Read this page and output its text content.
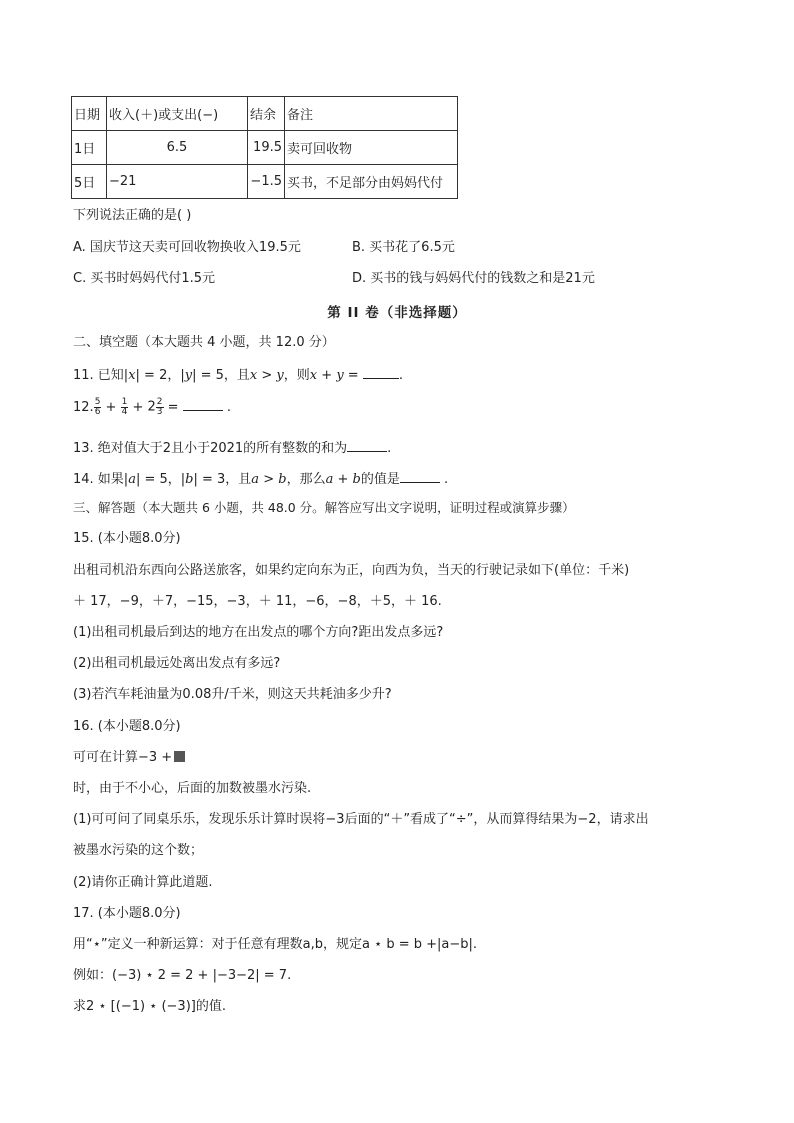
日期	收入(＋)或支出(−)	结余	备注
1日	6.5	19.5	卖可回收物
5日	−21	−1.5	买书，不足部分由妈妈代付
下列说法正确的是( )
A. 国庆节这天卖可回收物换收入19.5元	B. 买书花了6.5元
C. 买书时妈妈代付1.5元	D. 买书的钱与妈妈代付的钱数之和是21元
第 II 卷（非选择题）
二、填空题（本大题共 4 小题，共 12.0 分）
11. 已知|x| = 2，|y| = 5，且x > y，则x + y =	.
12. $\frac{5}{6} + \frac{1}{4} + 2 \frac{2}{3}$ =	.
13. 绝对值大于2且小于2021的所有整数的和为	.
14. 如果|a| = 5，|b| = 3，且a > b，那么a + b的值是	.
三、解答题（本大题共 6 小题，共 48.0 分。解答应写出文字说明，证明过程或演算步骤）
15. (本小题8.0分)
出租司机沿东西向公路送旅客，如果约定向东为正，向西为负，当天的行驶记录如下(单位：千米)
＋ 17，−9，＋7，−15，−3，＋ 11，−6，−8，＋5，＋ 16.
(1)出租司机最后到达的地方在出发点的哪个方向?距出发点多远?
(2)出租司机最远处离出发点有多远?
(3)若汽车耗油量为0.08升/千米，则这天共耗油多少升?
16. (本小题8.0分)
可可在计算−3 +
时，由于不小心，后面的加数被墨水污染.
(1)可可问了同桌乐乐，发现乐乐计算时误将−3后面的“＋”看成了“÷”，从而算得结果为−2，请求出
被墨水污染的这个数；
(2)请你正确计算此道题.
17. (本小题8.0分)
用“⋆”定义一种新运算：对于任意有理数a,b，规定a ⋆ b = b +|a−b|.
例如：(−3) ⋆ 2 = 2 + |−3−2| = 7.
求2 ⋆ [(−1) ⋆ (−3)]的值.
